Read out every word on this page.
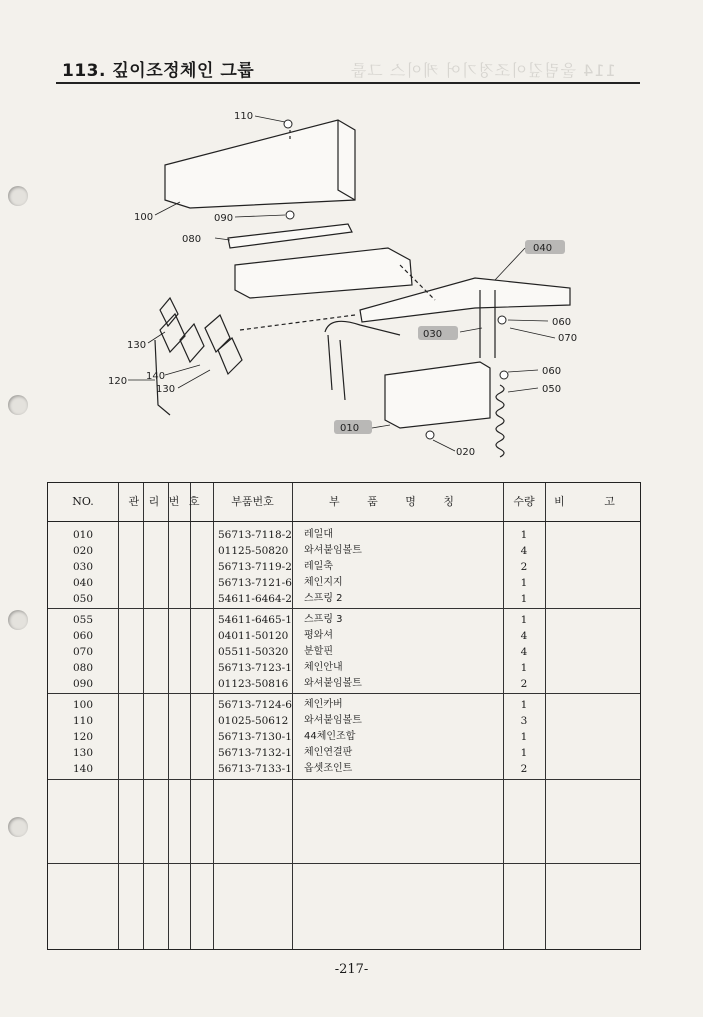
114 울림깊이조정기어 케이스 그룹
113. 깊이조정체인 그룹
110
100	090
080
130
120 140
130
040
030
060
070
060
050
010
020
NO.	관 리 번 호	부품번호	부 품 명 칭	수량	비 고
010	56713-7118-2 레일대	1
020	01125-50820 와셔붙임볼트	4
030	56713-7119-2 레일축	2
040	56713-7121-6 체인지지	1
050	54611-6464-2 스프링 2	1
055	54611-6465-1 스프링 3	1
060	04011-50120 평와셔	4
070	05511-50320 분할핀	4
080	56713-7123-1 체인안내	1
090	01123-50816 와셔붙임볼트	2
100	56713-7124-6 체인카버	1
110	01025-50612 와셔붙임볼트	3
120	56713-7130-1 44체인조합	1
130	56713-7132-1 체인연결판	1
140	56713-7133-1 옵셋조인트	2
-217-
